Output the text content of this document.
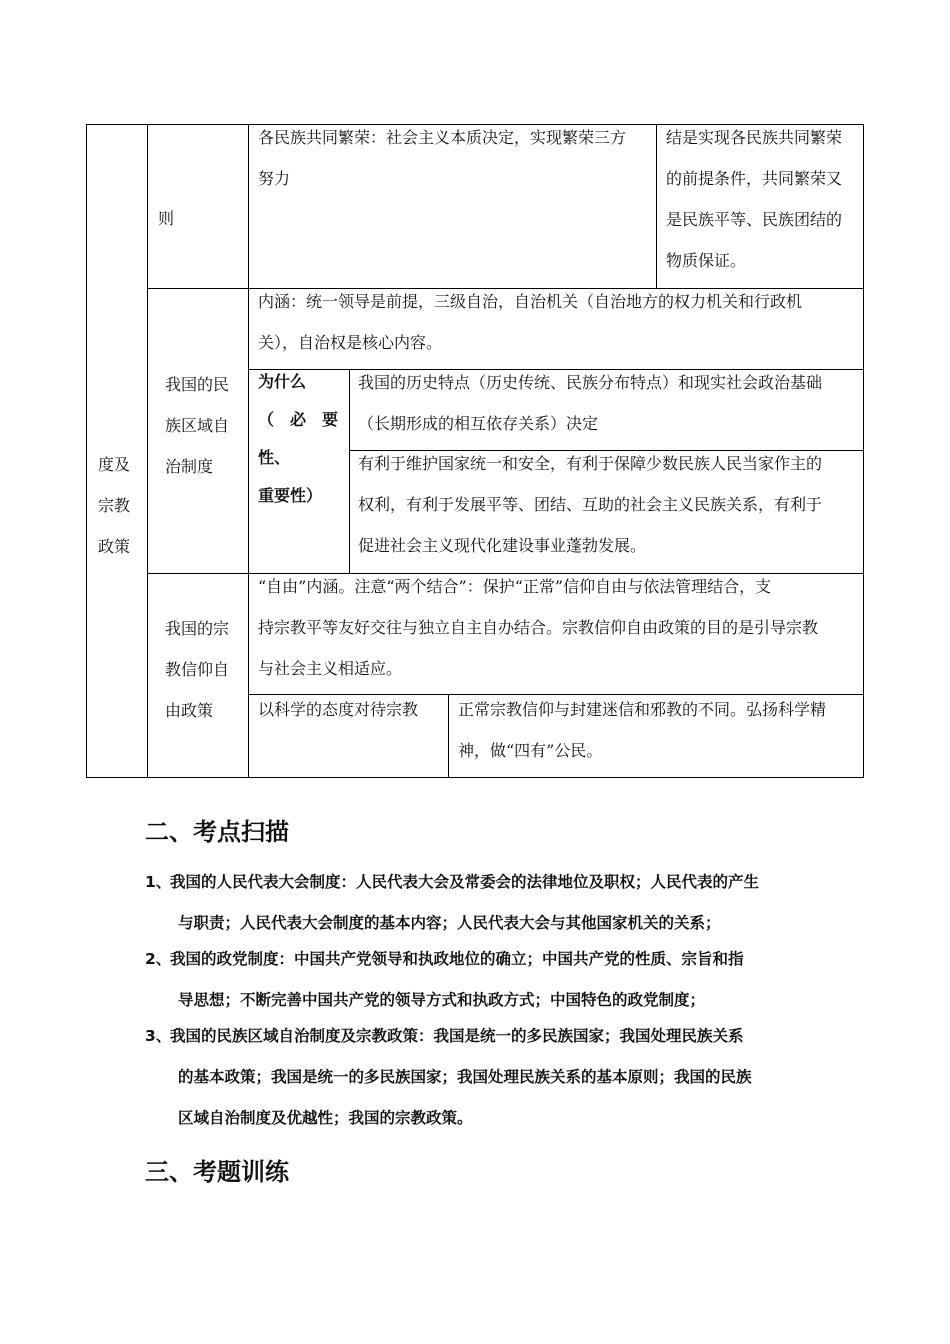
度及
宗教
政策
则
各民族共同繁荣：社会主义本质决定，实现繁荣三方
努力
结是实现各民族共同繁荣
的前提条件，共同繁荣又
是民族平等、民族团结的
物质保证。
我国的民
族区域自
治制度
内涵：统一领导是前提，三级自治，自治机关（自治地方的权力机关和行政机
关），自治权是核心内容。
为什么
（　必　要
性、
重要性）
我国的历史特点（历史传统、民族分布特点）和现实社会政治基础
（长期形成的相互依存关系）决定
有利于维护国家统一和安全，有利于保障少数民族人民当家作主的
权利，有利于发展平等、团结、互助的社会主义民族关系，有利于
促进社会主义现代化建设事业蓬勃发展。
我国的宗
教信仰自
由政策
“自由”内涵。注意“两个结合”：保护“正常”信仰自由与依法管理结合，支
持宗教平等友好交往与独立自主自办结合。宗教信仰自由政策的目的是引导宗教
与社会主义相适应。
以科学的态度对待宗教	正常宗教信仰与封建迷信和邪教的不同。弘扬科学精
神，做“四有”公民。
二、考点扫描
1、我国的人民代表大会制度：人民代表大会及常委会的法律地位及职权；人民代表的产生
与职责；人民代表大会制度的基本内容；人民代表大会与其他国家机关的关系；
2、我国的政党制度：中国共产党领导和执政地位的确立；中国共产党的性质、宗旨和指
导思想；不断完善中国共产党的领导方式和执政方式；中国特色的政党制度；
3、我国的民族区域自治制度及宗教政策：我国是统一的多民族国家；我国处理民族关系
的基本政策；我国是统一的多民族国家；我国处理民族关系的基本原则；我国的民族
区域自治制度及优越性；我国的宗教政策。
三、考题训练
